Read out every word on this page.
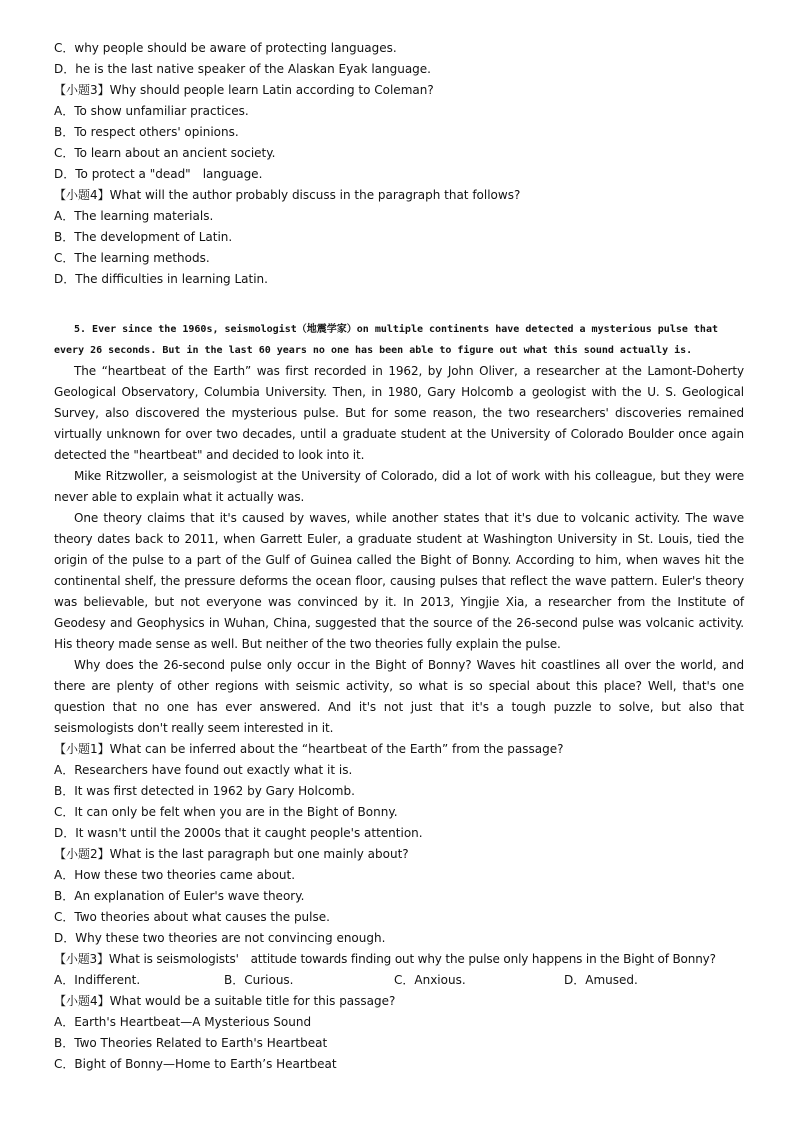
C．why people should be aware of protecting languages.
D．he is the last native speaker of the Alaskan Eyak language.
【小题3】Why should people learn Latin according to Coleman?
A．To show unfamiliar practices.
B．To respect others' opinions.
C．To learn about an ancient society.
D．To protect a "dead"　language.
【小题4】What will the author probably discuss in the paragraph that follows?
A．The learning materials.
B．The development of Latin.
C．The learning methods.
D．The difficulties in learning Latin.
5. Ever since the 1960s, seismologist（地震学家）on multiple continents have detected a mysterious pulse that every 26 seconds. But in the last 60 years no one has been able to figure out what this sound actually is.
The “heartbeat of the Earth” was first recorded in 1962, by John Oliver, a researcher at the Lamont-Doherty Geological Observatory, Columbia University. Then, in 1980, Gary Holcomb a geologist with the U. S. Geological Survey, also discovered the mysterious pulse. But for some reason, the two researchers' discoveries remained virtually unknown for over two decades, until a graduate student at the University of Colorado Boulder once again detected the "heartbeat" and decided to look into it.
Mike Ritzwoller, a seismologist at the University of Colorado, did a lot of work with his colleague, but they were never able to explain what it actually was.
One theory claims that it's caused by waves, while another states that it's due to volcanic activity. The wave theory dates back to 2011, when Garrett Euler, a graduate student at Washington University in St. Louis, tied the origin of the pulse to a part of the Gulf of Guinea called the Bight of Bonny. According to him, when waves hit the continental shelf, the pressure deforms the ocean floor, causing pulses that reflect the wave pattern. Euler's theory was believable, but not everyone was convinced by it. In 2013, Yingjie Xia, a researcher from the Institute of Geodesy and Geophysics in Wuhan, China, suggested that the source of the 26-second pulse was volcanic activity. His theory made sense as well. But neither of the two theories fully explain the pulse.
Why does the 26-second pulse only occur in the Bight of Bonny? Waves hit coastlines all over the world, and there are plenty of other regions with seismic activity, so what is so special about this place? Well, that's one question that no one has ever answered. And it's not just that it's a tough puzzle to solve, but also that seismologists don't really seem interested in it.
【小题1】What can be inferred about the “heartbeat of the Earth” from the passage?
A．Researchers have found out exactly what it is.
B．It was first detected in 1962 by Gary Holcomb.
C．It can only be felt when you are in the Bight of Bonny.
D．It wasn't until the 2000s that it caught people's attention.
【小题2】What is the last paragraph but one mainly about?
A．How these two theories came about.
B．An explanation of Euler's wave theory.
C．Two theories about what causes the pulse.
D．Why these two theories are not convincing enough.
【小题3】What is seismologists'　attitude towards finding out why the pulse only happens in the Bight of Bonny?
A．Indifferent.	B．Curious.	C．Anxious.	D．Amused.
【小题4】What would be a suitable title for this passage?
A．Earth's Heartbeat—A Mysterious Sound
B．Two Theories Related to Earth's Heartbeat
C．Bight of Bonny—Home to Earth’s Heartbeat
